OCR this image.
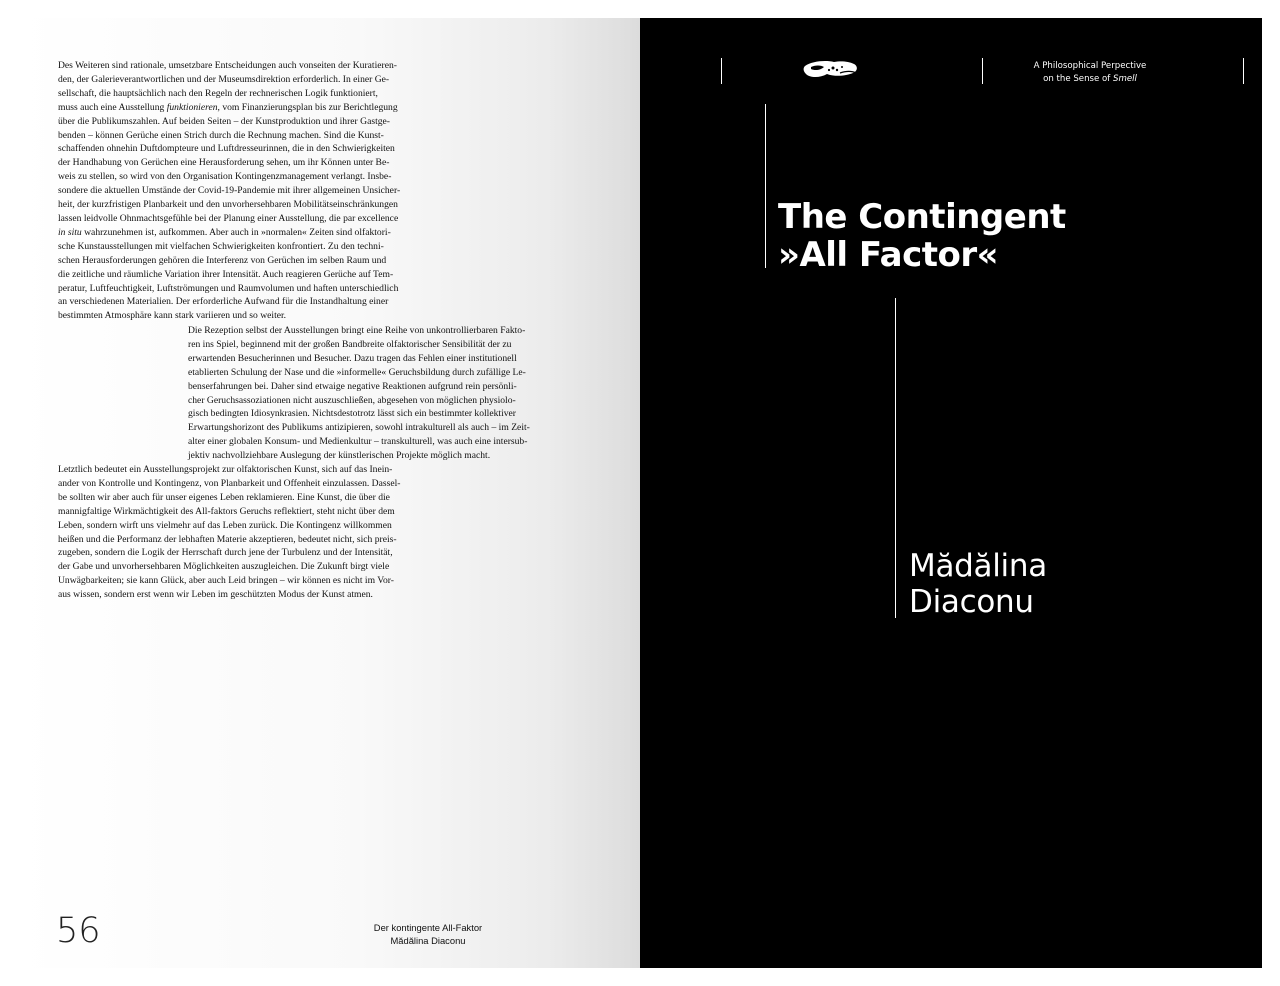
Des Weiteren sind rationale, umsetzbare Entscheidungen auch vonseiten der Kuratieren-
den, der Galerieverantwortlichen und der Museumsdirektion erforderlich. In einer Ge-
sellschaft, die hauptsächlich nach den Regeln der rechnerischen Logik funktioniert,
muss auch eine Ausstellung funktionieren, vom Finanzierungsplan bis zur Berichtlegung
über die Publikumszahlen. Auf beiden Seiten – der Kunstproduktion und ihrer Gastge-
benden – können Gerüche einen Strich durch die Rechnung machen. Sind die Kunst-
schaffenden ohnehin Duftdompteure und Luftdresseurinnen, die in den Schwierigkeiten
der Handhabung von Gerüchen eine Herausforderung sehen, um ihr Können unter Be-
weis zu stellen, so wird von den Organisation Kontingenzmanagement verlangt. Insbe-
sondere die aktuellen Umstände der Covid-19-Pandemie mit ihrer allgemeinen Unsicher-
heit, der kurzfristigen Planbarkeit und den unvorhersehbaren Mobilitätseinschränkungen
lassen leidvolle Ohnmachtsgefühle bei der Planung einer Ausstellung, die par excellence
in situ wahrzunehmen ist, aufkommen. Aber auch in »normalen« Zeiten sind olfaktori-
sche Kunstausstellungen mit vielfachen Schwierigkeiten konfrontiert. Zu den techni-
schen Herausforderungen gehören die Interferenz von Gerüchen im selben Raum und
die zeitliche und räumliche Variation ihrer Intensität. Auch reagieren Gerüche auf Tem-
peratur, Luftfeuchtigkeit, Luftströmungen und Raumvolumen und haften unterschiedlich
an verschiedenen Materialien. Der erforderliche Aufwand für die Instandhaltung einer
bestimmten Atmosphäre kann stark variieren und so weiter.
Die Rezeption selbst der Ausstellungen bringt eine Reihe von unkontrollierbaren Fakto-
ren ins Spiel, beginnend mit der großen Bandbreite olfaktorischer Sensibilität der zu
erwartenden Besucherinnen und Besucher. Dazu tragen das Fehlen einer institutionell
etablierten Schulung der Nase und die »informelle« Geruchsbildung durch zufällige Le-
benserfahrungen bei. Daher sind etwaige negative Reaktionen aufgrund rein persönli-
cher Geruchsassoziationen nicht auszuschließen, abgesehen von möglichen physiolo-
gisch bedingten Idiosynkrasien. Nichtsdestotrotz lässt sich ein bestimmter kollektiver
Erwartungshorizont des Publikums antizipieren, sowohl intrakulturell als auch – im Zeit-
alter einer globalen Konsum- und Medienkultur – transkulturell, was auch eine intersub-
jektiv nachvollziehbare Auslegung der künstlerischen Projekte möglich macht.
Letztlich bedeutet ein Ausstellungsprojekt zur olfaktorischen Kunst, sich auf das Inein-
ander von Kontrolle und Kontingenz, von Planbarkeit und Offenheit einzulassen. Dassel-
be sollten wir aber auch für unser eigenes Leben reklamieren. Eine Kunst, die über die
mannigfaltige Wirkmächtigkeit des All-faktors Geruchs reflektiert, steht nicht über dem
Leben, sondern wirft uns vielmehr auf das Leben zurück. Die Kontingenz willkommen
heißen und die Performanz der lebhaften Materie akzeptieren, bedeutet nicht, sich preis-
zugeben, sondern die Logik der Herrschaft durch jene der Turbulenz und der Intensität,
der Gabe und unvorhersehbaren Möglichkeiten auszugleichen. Die Zukunft birgt viele
Unwägbarkeiten; sie kann Glück, aber auch Leid bringen – wir können es nicht im Vor-
aus wissen, sondern erst wenn wir Leben im geschützten Modus der Kunst atmen.

56	Der kontingente All-Faktor
Mădălina Diaconu
A Philosophical Perpective
on the Sense of Smell
The Contingent
»All Factor«
Mădălina
Diaconu
